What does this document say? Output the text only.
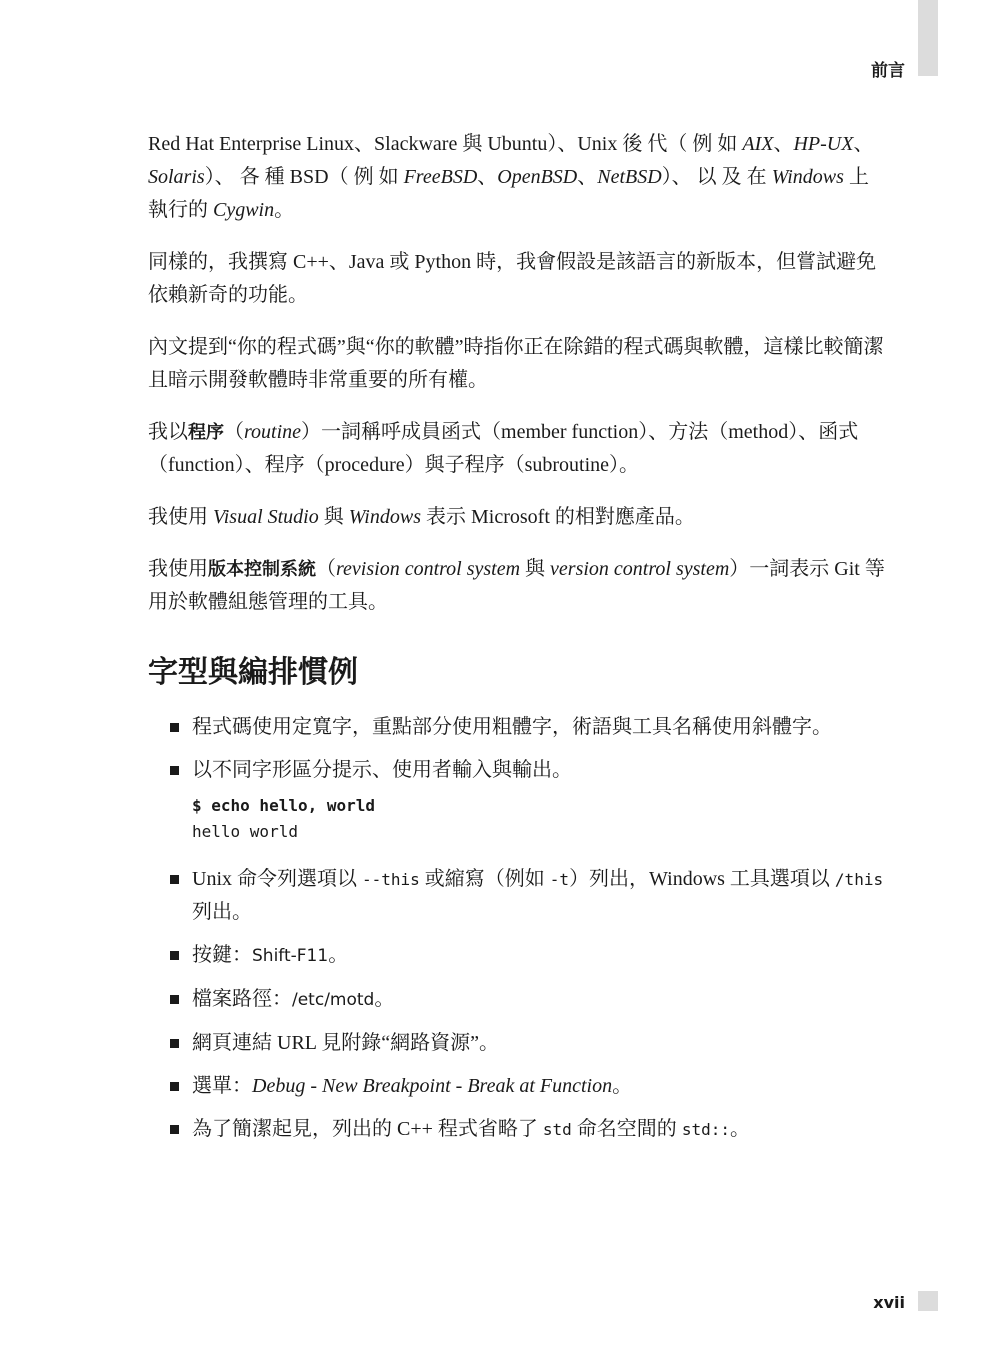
前言

Red Hat Enterprise Linux、Slackware 與 Ubuntu）、Unix 後 代（ 例 如 AIX、HP-UX、Solaris）、 各 種 BSD（ 例 如 FreeBSD、OpenBSD、NetBSD）、 以 及 在 Windows 上執行的 Cygwin。

同樣的，我撰寫 C++、Java 或 Python 時，我會假設是該語言的新版本，但嘗試避免依賴新奇的功能。

內文提到“你的程式碼”與“你的軟體”時指你正在除錯的程式碼與軟體，這樣比較簡潔且暗示開發軟體時非常重要的所有權。

我以程序（routine）一詞稱呼成員函式（member function）、方法（method）、函式（function）、程序（procedure）與子程序（subroutine）。

我使用 Visual Studio 與 Windows 表示 Microsoft 的相對應產品。

我使用版本控制系統（revision control system 與 version control system）一詞表示 Git 等用於軟體組態管理的工具。

字型與編排慣例
程式碼使用定寬字，重點部分使用粗體字，術語與工具名稱使用斜體字。
以不同字形區分提示、使用者輸入與輸出。
$ echo hello, world
hello world
Unix 命令列選項以 --this 或縮寫（例如 -t）列出，Windows 工具選項以 /this 列出。
按鍵：Shift-F11。
檔案路徑：/etc/motd。
網頁連結 URL 見附錄“網路資源”。
選單：Debug - New Breakpoint - Break at Function。
為了簡潔起見，列出的 C++ 程式省略了 std 命名空間的 std::。
xvii
